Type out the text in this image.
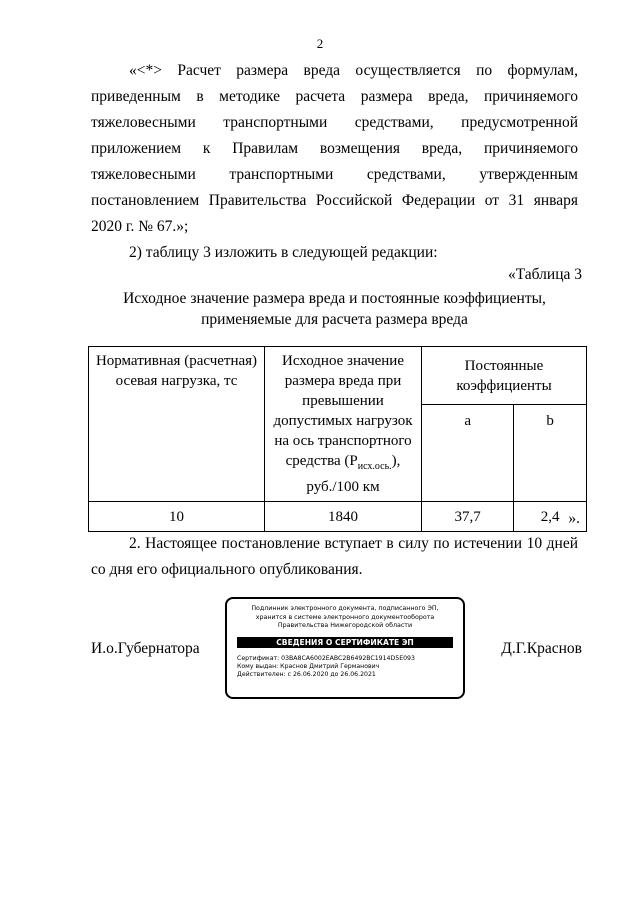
2
«<*> Расчет размера вреда осуществляется по формулам,
приведенным в методике расчета размера вреда, причиняемого
тяжеловесными транспортными средствами, предусмотренной
приложением к Правилам возмещения вреда, причиняемого
тяжеловесными транспортными средствами, утвержденным
постановлением Правительства Российской Федерации от 31 января
2020 г. № 67.»;
2) таблицу 3 изложить в следующей редакции:
«Таблица 3
Исходное значение размера вреда и постоянные коэффициенты,
применяемые для расчета размера вреда
Нормативная (расчетная) осевая нагрузка, тс	Исходное значение размера вреда при превышении допустимых нагрузок на ось транспортного средства $(P_{исх.ось.})$, руб./100 км	Постоянные коэффициенты	
		a	b
10	1840	37,7	2,4 ».
2. Настоящее постановление вступает в силу по истечении 10 дней
со дня его официального опубликования.
И.о.Губернатора
Подлинник электронного документа, подписанного ЭП,
хранится в системе электронного документооборота
Правительства Нижегородской области
СВЕДЕНИЯ О СЕРТИФИКАТЕ ЭП
Сертификат: 03BA8CA6002EABC2B6492BC1914D5E093
Кому выдан: Краснов Дмитрий Германович
Действителен: с 26.06.2020 до 26.06.2021
Д.Г.Краснов
